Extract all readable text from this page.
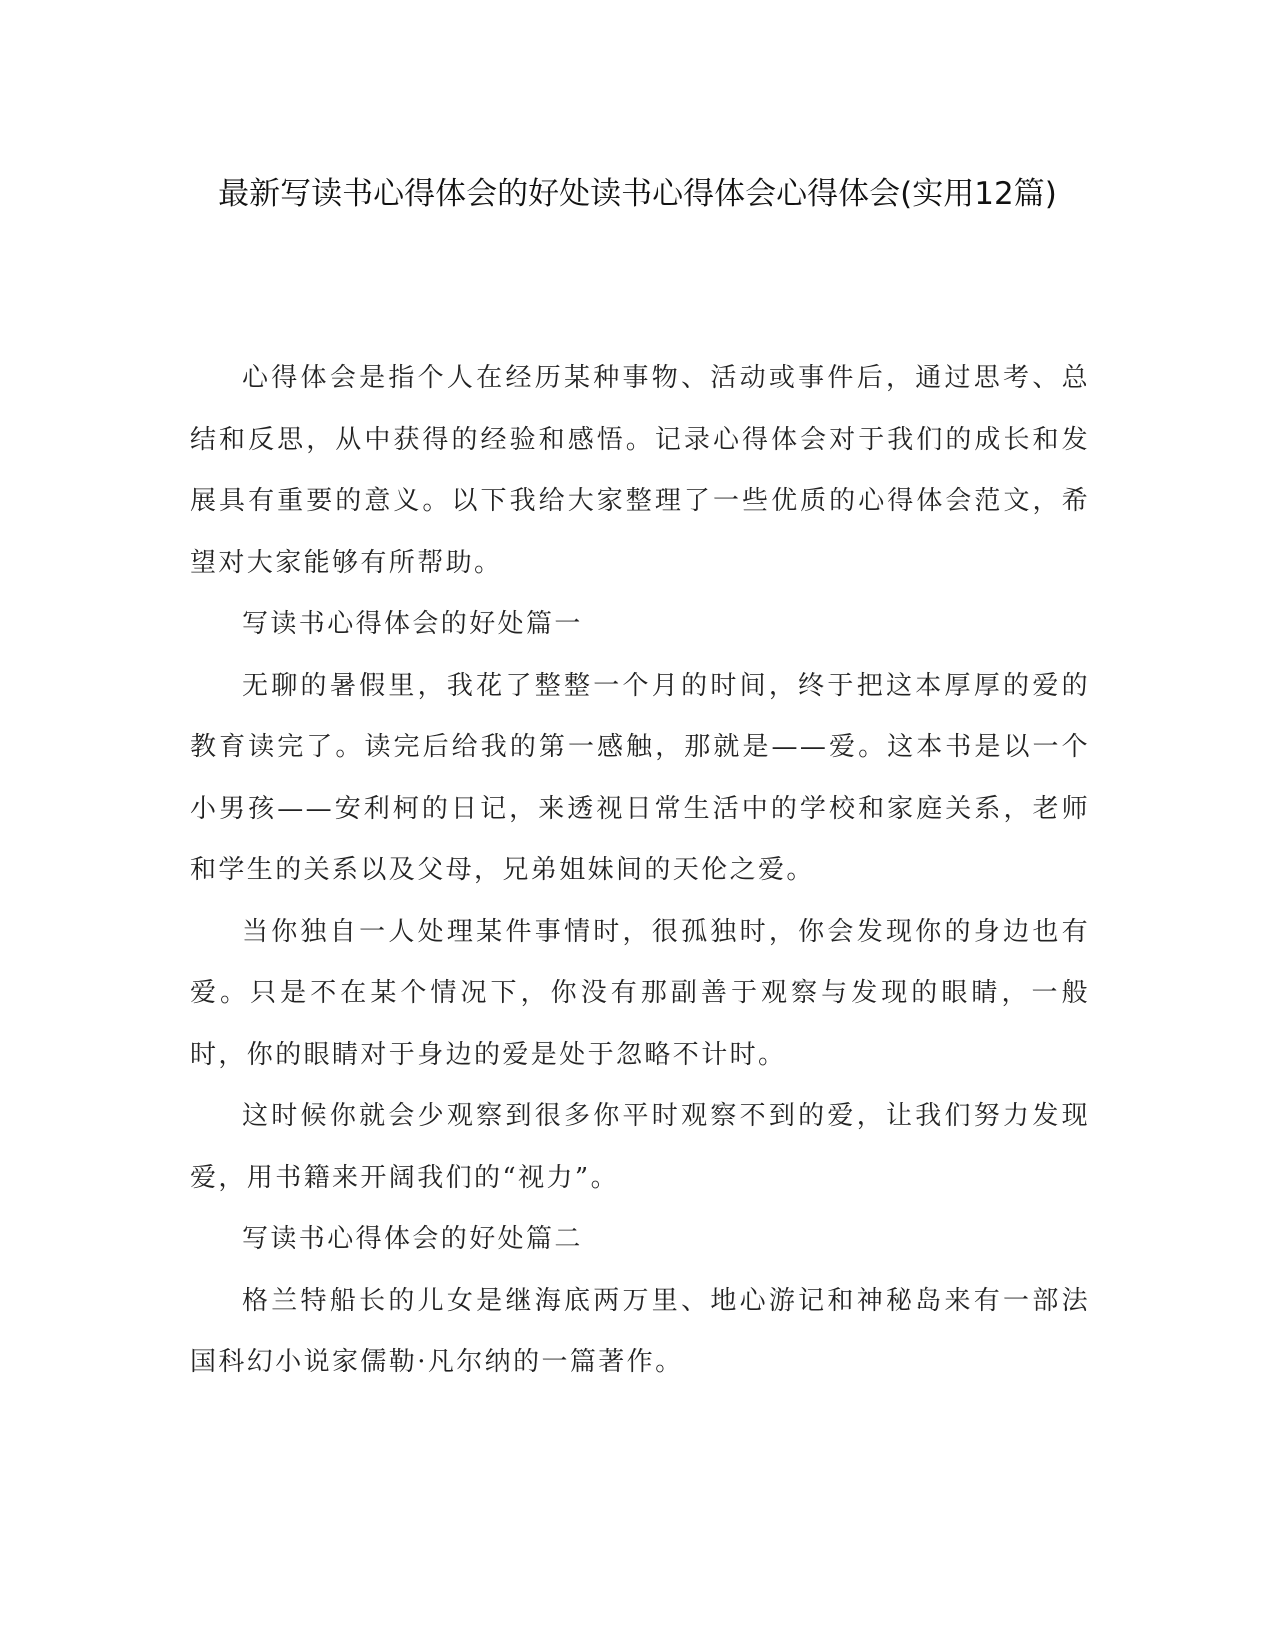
最新写读书心得体会的好处读书心得体会心得体会(实用12篇)

心得体会是指个人在经历某种事物、活动或事件后，通过思考、总结和反思，从中获得的经验和感悟。记录心得体会对于我们的成长和发展具有重要的意义。以下我给大家整理了一些优质的心得体会范文，希望对大家能够有所帮助。

写读书心得体会的好处篇一

无聊的暑假里，我花了整整一个月的时间，终于把这本厚厚的爱的教育读完了。读完后给我的第一感触，那就是——爱。这本书是以一个小男孩——安利柯的日记，来透视日常生活中的学校和家庭关系，老师和学生的关系以及父母，兄弟姐妹间的天伦之爱。

当你独自一人处理某件事情时，很孤独时，你会发现你的身边也有爱。只是不在某个情况下，你没有那副善于观察与发现的眼睛，一般时，你的眼睛对于身边的爱是处于忽略不计时。

这时候你就会少观察到很多你平时观察不到的爱，让我们努力发现爱，用书籍来开阔我们的“视力”。

写读书心得体会的好处篇二

格兰特船长的儿女是继海底两万里、地心游记和神秘岛来有一部法国科幻小说家儒勒·凡尔纳的一篇著作。
